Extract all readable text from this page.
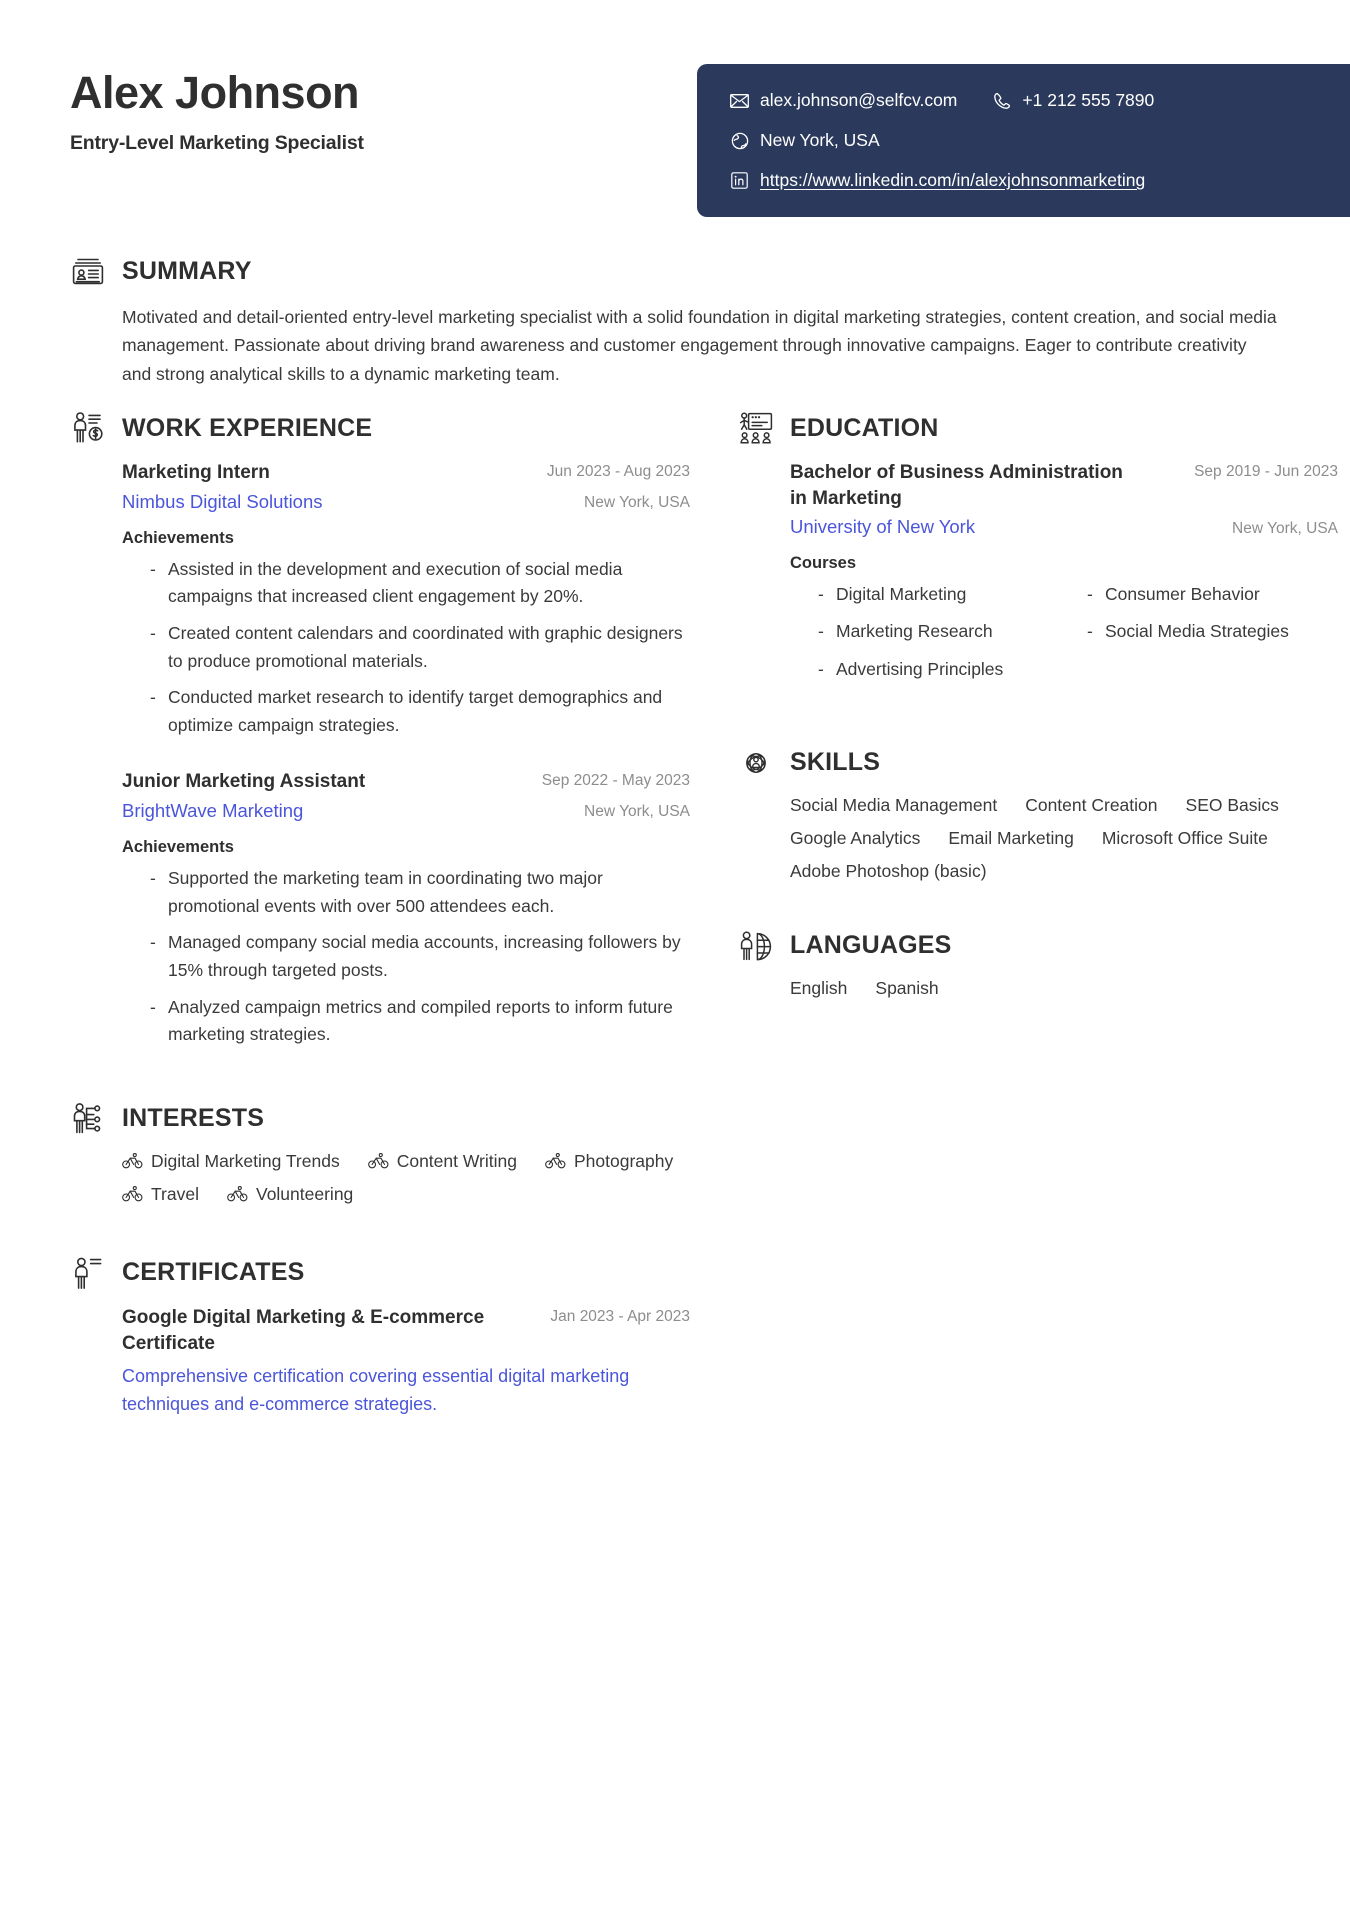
Alex Johnson
Entry-Level Marketing Specialist
alex.johnson@selfcv.com	+1 212 555 7890
New York, USA
https://www.linkedin.com/in/alexjohnsonmarketing
SUMMARY
Motivated and detail-oriented entry-level marketing specialist with a solid foundation in digital marketing strategies, content creation, and social media management. Passionate about driving brand awareness and customer engagement through innovative campaigns. Eager to contribute creativity and strong analytical skills to a dynamic marketing team.
WORK EXPERIENCE
Marketing Intern
Nimbus Digital Solutions
Jun 2023 - Aug 2023
New York, USA
Achievements
- Assisted in the development and execution of social media campaigns that increased client engagement by 20%.
- Created content calendars and coordinated with graphic designers to produce promotional materials.
- Conducted market research to identify target demographics and optimize campaign strategies.
Junior Marketing Assistant
BrightWave Marketing
Sep 2022 - May 2023
New York, USA
Achievements
- Supported the marketing team in coordinating two major promotional events with over 500 attendees each.
- Managed company social media accounts, increasing followers by 15% through targeted posts.
- Analyzed campaign metrics and compiled reports to inform future marketing strategies.
INTERESTS
Digital Marketing Trends	Content Writing	Photography
Travel	Volunteering
CERTIFICATES
Google Digital Marketing & E-commerce Certificate
Jan 2023 - Apr 2023
Comprehensive certification covering essential digital marketing techniques and e-commerce strategies.
EDUCATION
Bachelor of Business Administration in Marketing
University of New York
Sep 2019 - Jun 2023
New York, USA
Courses
- Digital Marketing	- Consumer Behavior
- Marketing Research	- Social Media Strategies
- Advertising Principles
SKILLS
Social Media Management Content Creation SEO Basics
Google Analytics Email Marketing Microsoft Office Suite
Adobe Photoshop (basic)
LANGUAGES
English Spanish
